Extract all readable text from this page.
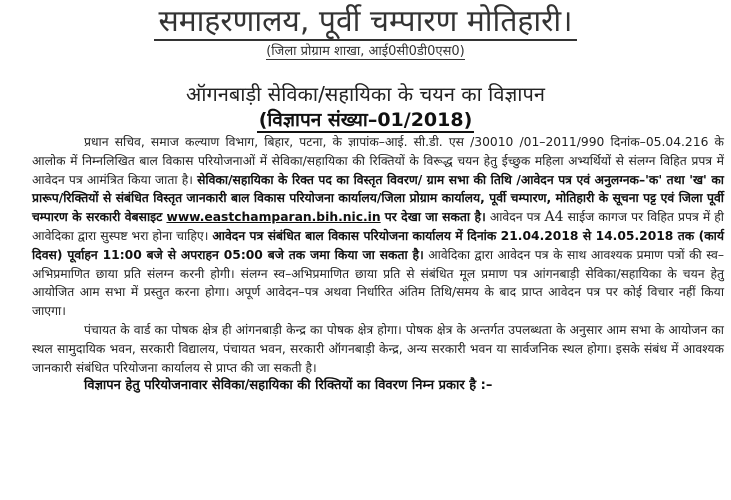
समाहरणालय, पूर्वी चम्पारण मोतिहारी।
(जिला प्रोग्राम शाखा, आई0सी0डी0एस0)
ऑगनबाड़ी सेविका/सहायिका के चयन का विज्ञापन
(विज्ञापन संख्या–01/2018)

प्रधान सचिव, समाज कल्याण विभाग, बिहार, पटना, के ज्ञापांक–आई. सी.डी. एस /30010 /01–2011/990 दिनांक–05.04.216 के आलोक में निम्नलिखित बाल विकास परियोजनाओं में सेविका/सहायिका की रिक्तियों के विरूद्ध चयन हेतु ईच्छुक महिला अभ्यर्थियों से संलग्न विहित प्रपत्र में आवेदन पत्र आमंत्रित किया जाता है। सेविका/सहायिका के रिक्त पद का विस्तृत विवरण/ ग्राम सभा की तिथि /आवेदन पत्र एवं अनुलग्नक–'क' तथा 'ख' का प्रारूप/रिक्तियों से संबंधित विस्तृत जानकारी बाल विकास परियोजना कार्यालय/जिला प्रोग्राम कार्यालय, पूर्वी चम्पारण, मोतिहारी के सूचना पट्ट एवं जिला पूर्वी चम्पारण के सरकारी वेबसाइट www.eastchamparan.bih.nic.in पर देखा जा सकता है। आवेदन पत्र A4 साईज कागज पर विहित प्रपत्र में ही आवेदिका द्वारा सुस्पष्ट भरा होना चाहिए। आवेदन पत्र संबंधित बाल विकास परियोजना कार्यालय में दिनांक 21.04.2018 से 14.05.2018 तक (कार्य दिवस) पूर्वाहन 11:00 बजे से अपराहन 05:00 बजे तक जमा किया जा सकता है। आवेदिका द्वारा आवेदन पत्र के साथ आवश्यक प्रमाण पत्रों की स्व–अभिप्रमाणित छाया प्रति संलग्न करनी होगी। संलग्न स्व–अभिप्रमाणित छाया प्रति से संबंधित मूल प्रमाण पत्र आंगनबाड़ी सेविका/सहायिका के चयन हेतु आयोजित आम सभा में प्रस्तुत करना होगा। अपूर्ण आवेदन–पत्र अथवा निर्धारित अंतिम तिथि/समय के बाद प्राप्त आवेदन पत्र पर कोई विचार नहीं किया जाएगा।

पंचायत के वार्ड का पोषक क्षेत्र ही आंगनबाड़ी केन्द्र का पोषक क्षेत्र होगा। पोषक क्षेत्र के अन्तर्गत उपलब्धता के अनुसार आम सभा के आयोजन का स्थल सामुदायिक भवन, सरकारी विद्यालय, पंचायत भवन, सरकारी ऑगनबाड़ी केन्द्र, अन्य सरकारी भवन या सार्वजनिक स्थल होगा। इसके संबंध में आवश्यक जानकारी संबंधित परियोजना कार्यालय से प्राप्त की जा सकती है।

विज्ञापन हेतु परियोजनावार सेविका/सहायिका की रिक्तियों का विवरण निम्न प्रकार है :–
